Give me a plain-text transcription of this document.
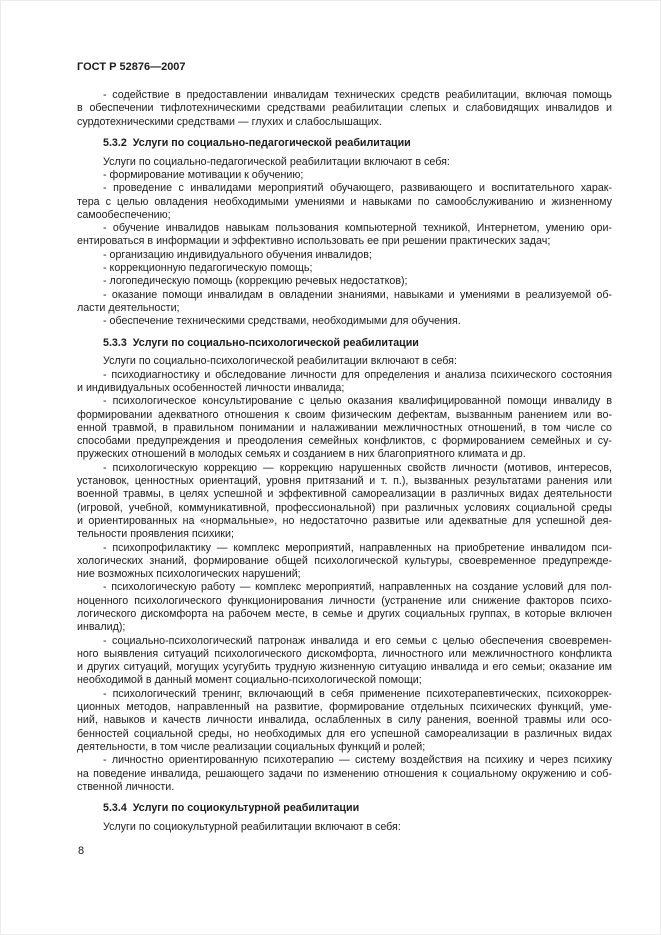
ГОСТ Р 52876—2007
- содействие в предоставлении инвалидам технических средств реабилитации, включая помощь
в обеспечении тифлотехническими средствами реабилитации слепых и слабовидящих инвалидов и
сурдотехническими средствами — глухих и слабослышащих.
5.3.2 Услуги по социально-педагогической реабилитации
Услуги по социально-педагогической реабилитации включают в себя:
- формирование мотивации к обучению;
- проведение с инвалидами мероприятий обучающего, развивающего и воспитательного харак-
тера с целью овладения необходимыми умениями и навыками по самообслуживанию и жизненному
самообеспечению;
- обучение инвалидов навыкам пользования компьютерной техникой, Интернетом, умению ори-
ентироваться в информации и эффективно использовать ее при решении практических задач;
- организацию индивидуального обучения инвалидов;
- коррекционную педагогическую помощь;
- логопедическую помощь (коррекцию речевых недостатков);
- оказание помощи инвалидам в овладении знаниями, навыками и умениями в реализуемой об-
ласти деятельности;
- обеспечение техническими средствами, необходимыми для обучения.
5.3.3 Услуги по социально-психологической реабилитации
Услуги по социально-психологической реабилитации включают в себя:
- психодиагностику и обследование личности для определения и анализа психического состояния
и индивидуальных особенностей личности инвалида;
- психологическое консультирование с целью оказания квалифицированной помощи инвалиду в
формировании адекватного отношения к своим физическим дефектам, вызванным ранением или во-
енной травмой, в правильном понимании и налаживании межличностных отношений, в том числе со
способами предупреждения и преодоления семейных конфликтов, с формированием семейных и су-
пружеских отношений в молодых семьях и созданием в них благоприятного климата и др.
- психологическую коррекцию — коррекцию нарушенных свойств личности (мотивов, интересов,
установок, ценностных ориентаций, уровня притязаний и т. п.), вызванных результатами ранения или
военной травмы, в целях успешной и эффективной самореализации в различных видах деятельности
(игровой, учебной, коммуникативной, профессиональной) при различных условиях социальной среды
и ориентированных на «нормальные», но недостаточно развитые или адекватные для успешной дея-
тельности проявления психики;
- психопрофилактику — комплекс мероприятий, направленных на приобретение инвалидом пси-
хологических знаний, формирование общей психологической культуры, своевременное предупрежде-
ние возможных психологических нарушений;
- психологическую работу — комплекс мероприятий, направленных на создание условий для пол-
ноценного психологического функционирования личности (устранение или снижение факторов психо-
логического дискомфорта на рабочем месте, в семье и других социальных группах, в которые включен
инвалид);
- социально-психологический патронаж инвалида и его семьи с целью обеспечения своевремен-
ного выявления ситуаций психологического дискомфорта, личностного или межличностного конфликта
и других ситуаций, могущих усугубить трудную жизненную ситуацию инвалида и его семьи; оказание им
необходимой в данный момент социально-психологической помощи;
- психологический тренинг, включающий в себя применение психотерапевтических, психокоррек-
ционных методов, направленный на развитие, формирование отдельных психических функций, уме-
ний, навыков и качеств личности инвалида, ослабленных в силу ранения, военной травмы или осо-
бенностей социальной среды, но необходимых для его успешной самореализации в различных видах
деятельности, в том числе реализации социальных функций и ролей;
- личностно ориентированную психотерапию — систему воздействия на психику и через психику
на поведение инвалида, решающего задачи по изменению отношения к социальному окружению и соб-
ственной личности.
5.3.4 Услуги по социокультурной реабилитации
Услуги по социокультурной реабилитации включают в себя:
8
